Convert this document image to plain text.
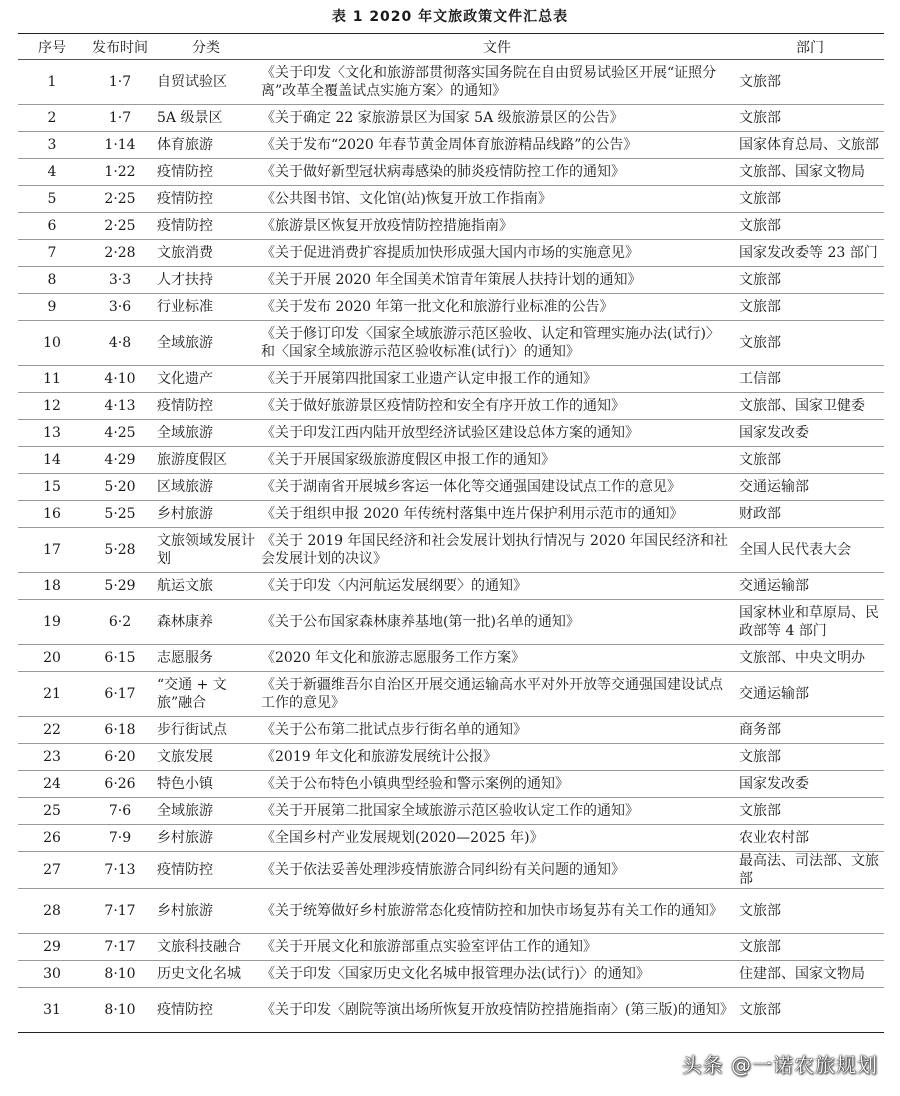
表 1 2020 年文旅政策文件汇总表
序号	发布时间	分类	文件	部门
1	1·7	自贸试验区	《关于印发〈文化和旅游部贯彻落实国务院在自由贸易试验区开展“证照分离”改革全覆盖试点实施方案〉的通知》	文旅部
2	1·7	5A 级景区	《关于确定 22 家旅游景区为国家 5A 级旅游景区的公告》	文旅部
3	1·14	体育旅游	《关于发布“2020 年春节黄金周体育旅游精品线路”的公告》	国家体育总局、文旅部
4	1·22	疫情防控	《关于做好新型冠状病毒感染的肺炎疫情防控工作的通知》	文旅部、国家文物局
5	2·25	疫情防控	《公共图书馆、文化馆(站)恢复开放工作指南》	文旅部
6	2·25	疫情防控	《旅游景区恢复开放疫情防控措施指南》	文旅部
7	2·28	文旅消费	《关于促进消费扩容提质加快形成强大国内市场的实施意见》	国家发改委等 23 部门
8	3·3	人才扶持	《关于开展 2020 年全国美术馆青年策展人扶持计划的通知》	文旅部
9	3·6	行业标准	《关于发布 2020 年第一批文化和旅游行业标准的公告》	文旅部
10	4·8	全域旅游	《关于修订印发〈国家全域旅游示范区验收、认定和管理实施办法(试行)〉和〈国家全域旅游示范区验收标准(试行)〉的通知》	文旅部
11	4·10	文化遗产	《关于开展第四批国家工业遗产认定申报工作的通知》	工信部
12	4·13	疫情防控	《关于做好旅游景区疫情防控和安全有序开放工作的通知》	文旅部、国家卫健委
13	4·25	全域旅游	《关于印发江西内陆开放型经济试验区建设总体方案的通知》	国家发改委
14	4·29	旅游度假区	《关于开展国家级旅游度假区申报工作的通知》	文旅部
15	5·20	区域旅游	《关于湖南省开展城乡客运一体化等交通强国建设试点工作的意见》	交通运输部
16	5·25	乡村旅游	《关于组织申报 2020 年传统村落集中连片保护利用示范市的通知》	财政部
17	5·28	文旅领域发展计划	《关于 2019 年国民经济和社会发展计划执行情况与 2020 年国民经济和社会发展计划的决议》	全国人民代表大会
18	5·29	航运文旅	《关于印发〈内河航运发展纲要〉的通知》	交通运输部
19	6·2	森林康养	《关于公布国家森林康养基地(第一批)名单的通知》	国家林业和草原局、民政部等 4 部门
20	6·15	志愿服务	《2020 年文化和旅游志愿服务工作方案》	文旅部、中央文明办
21	6·17	“交通 + 文旅”融合	《关于新疆维吾尔自治区开展交通运输高水平对外开放等交通强国建设试点工作的意见》	交通运输部
22	6·18	步行街试点	《关于公布第二批试点步行街名单的通知》	商务部
23	6·20	文旅发展	《2019 年文化和旅游发展统计公报》	文旅部
24	6·26	特色小镇	《关于公布特色小镇典型经验和警示案例的通知》	国家发改委
25	7·6	全域旅游	《关于开展第二批国家全域旅游示范区验收认定工作的通知》	文旅部
26	7·9	乡村旅游	《全国乡村产业发展规划(2020—2025 年)》	农业农村部
27	7·13	疫情防控	《关于依法妥善处理涉疫情旅游合同纠纷有关问题的通知》	最高法、司法部、文旅部
28	7·17	乡村旅游	《关于统筹做好乡村旅游常态化疫情防控和加快市场复苏有关工作的通知》	文旅部
29	7·17	文旅科技融合	《关于开展文化和旅游部重点实验室评估工作的通知》	文旅部
30	8·10	历史文化名城	《关于印发〈国家历史文化名城申报管理办法(试行)〉的通知》	住建部、国家文物局
31	8·10	疫情防控	《关于印发〈剧院等演出场所恢复开放疫情防控措施指南〉(第三版)的通知》	文旅部
头条 @一诺农旅规划
